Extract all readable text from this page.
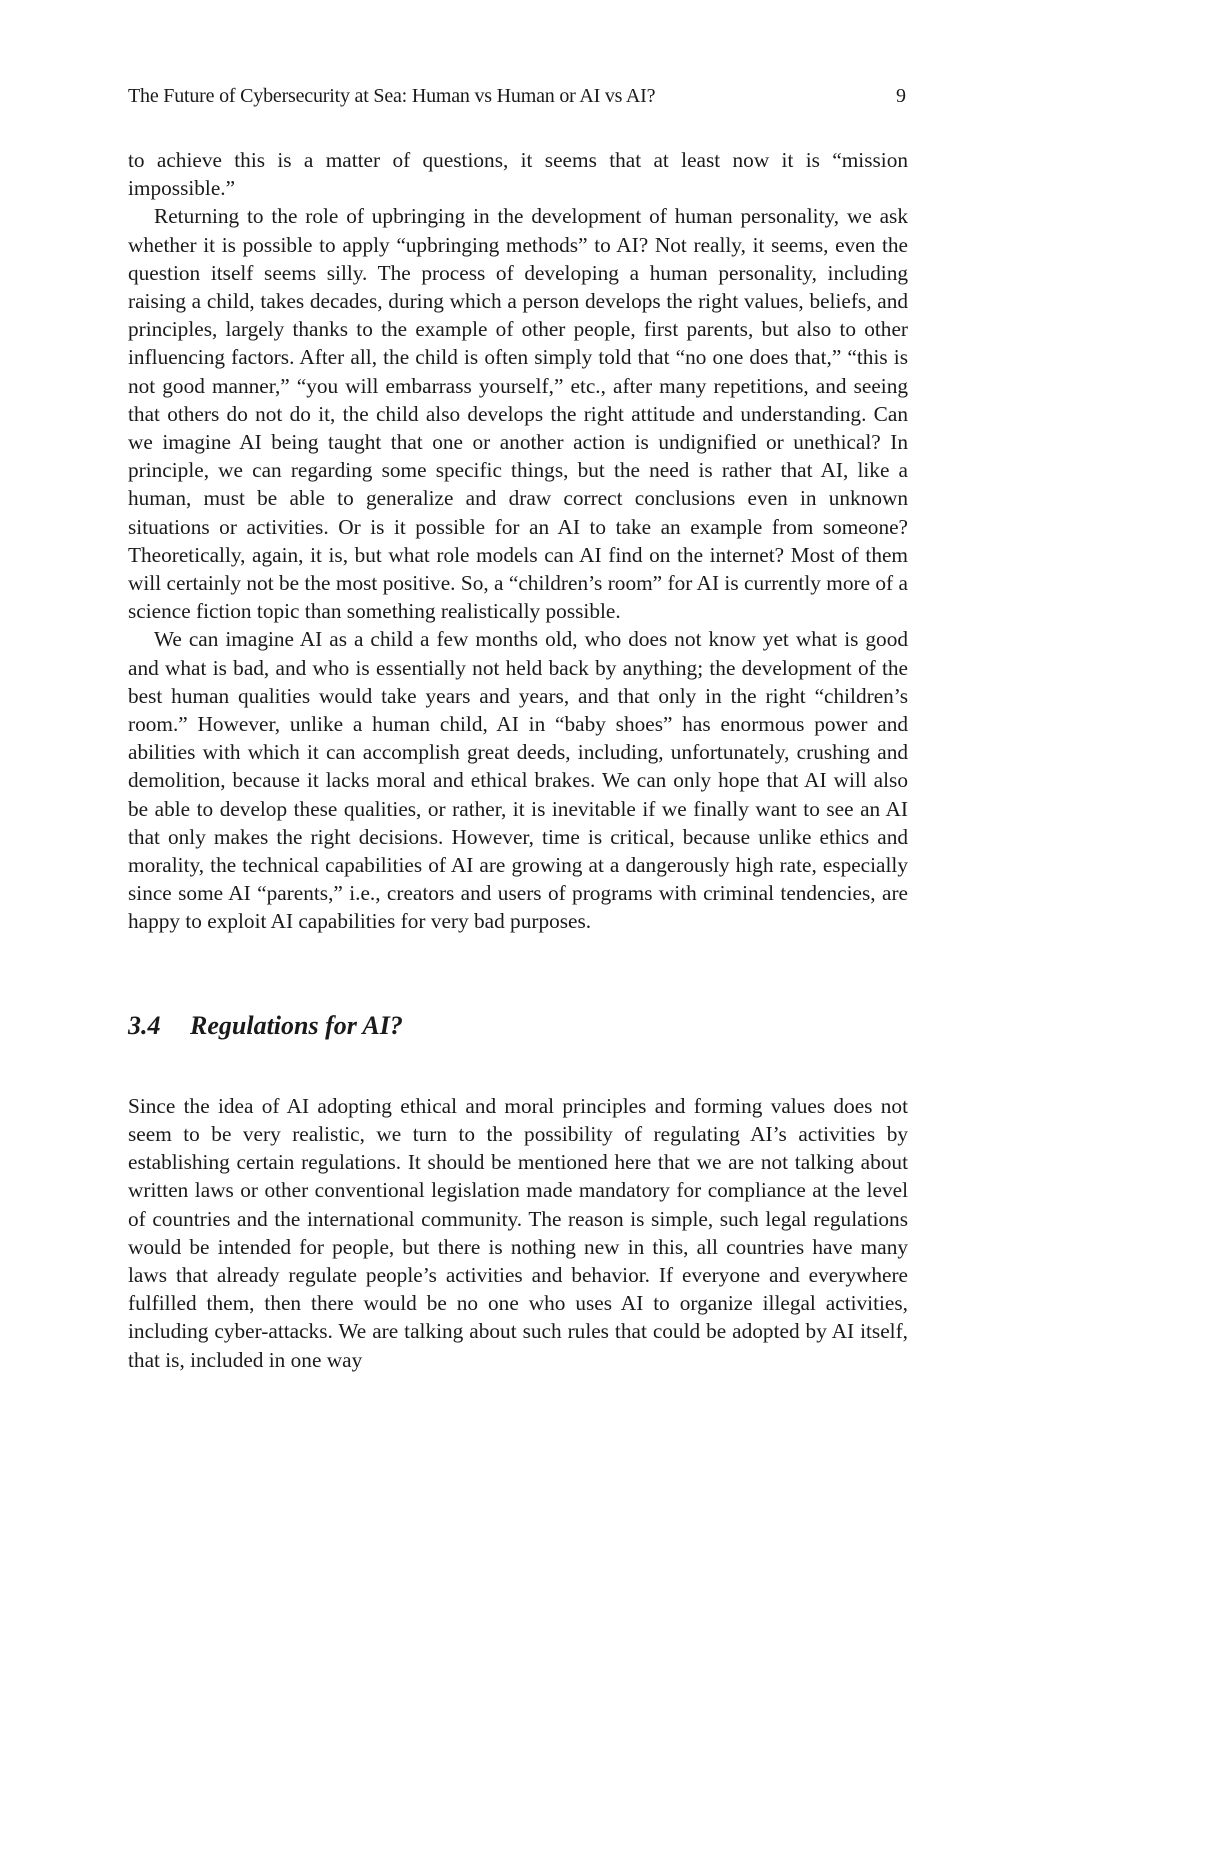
The Future of Cybersecurity at Sea: Human vs Human or AI vs AI?	9

to achieve this is a matter of questions, it seems that at least now it is “mission impossible.”

Returning to the role of upbringing in the development of human personality, we ask whether it is possible to apply “upbringing methods” to AI? Not really, it seems, even the question itself seems silly. The process of developing a human personality, including raising a child, takes decades, during which a person develops the right values, beliefs, and principles, largely thanks to the example of other people, first parents, but also to other influencing factors. After all, the child is often simply told that “no one does that,” “this is not good manner,” “you will embarrass yourself,” etc., after many repetitions, and seeing that others do not do it, the child also develops the right attitude and understanding. Can we imagine AI being taught that one or another action is undignified or unethical? In principle, we can regarding some specific things, but the need is rather that AI, like a human, must be able to generalize and draw correct conclusions even in unknown situations or activities. Or is it possible for an AI to take an example from someone? Theoretically, again, it is, but what role models can AI find on the internet? Most of them will certainly not be the most positive. So, a “children’s room” for AI is currently more of a science fiction topic than something realistically possible.

We can imagine AI as a child a few months old, who does not know yet what is good and what is bad, and who is essentially not held back by anything; the development of the best human qualities would take years and years, and that only in the right “children’s room.” However, unlike a human child, AI in “baby shoes” has enormous power and abilities with which it can accomplish great deeds, including, unfortunately, crushing and demolition, because it lacks moral and ethical brakes. We can only hope that AI will also be able to develop these qualities, or rather, it is inevitable if we finally want to see an AI that only makes the right decisions. However, time is critical, because unlike ethics and morality, the technical capabilities of AI are growing at a dangerously high rate, especially since some AI “parents,” i.e., creators and users of programs with criminal tendencies, are happy to exploit AI capabilities for very bad purposes.

3.4 Regulations for AI?

Since the idea of AI adopting ethical and moral principles and forming values does not seem to be very realistic, we turn to the possibility of regulating AI’s activities by establishing certain regulations. It should be mentioned here that we are not talking about written laws or other conventional legislation made mandatory for compliance at the level of countries and the international community. The reason is simple, such legal regulations would be intended for people, but there is nothing new in this, all countries have many laws that already regulate people’s activities and behavior. If everyone and everywhere fulfilled them, then there would be no one who uses AI to organize illegal activities, including cyber-attacks. We are talking about such rules that could be adopted by AI itself, that is, included in one way
